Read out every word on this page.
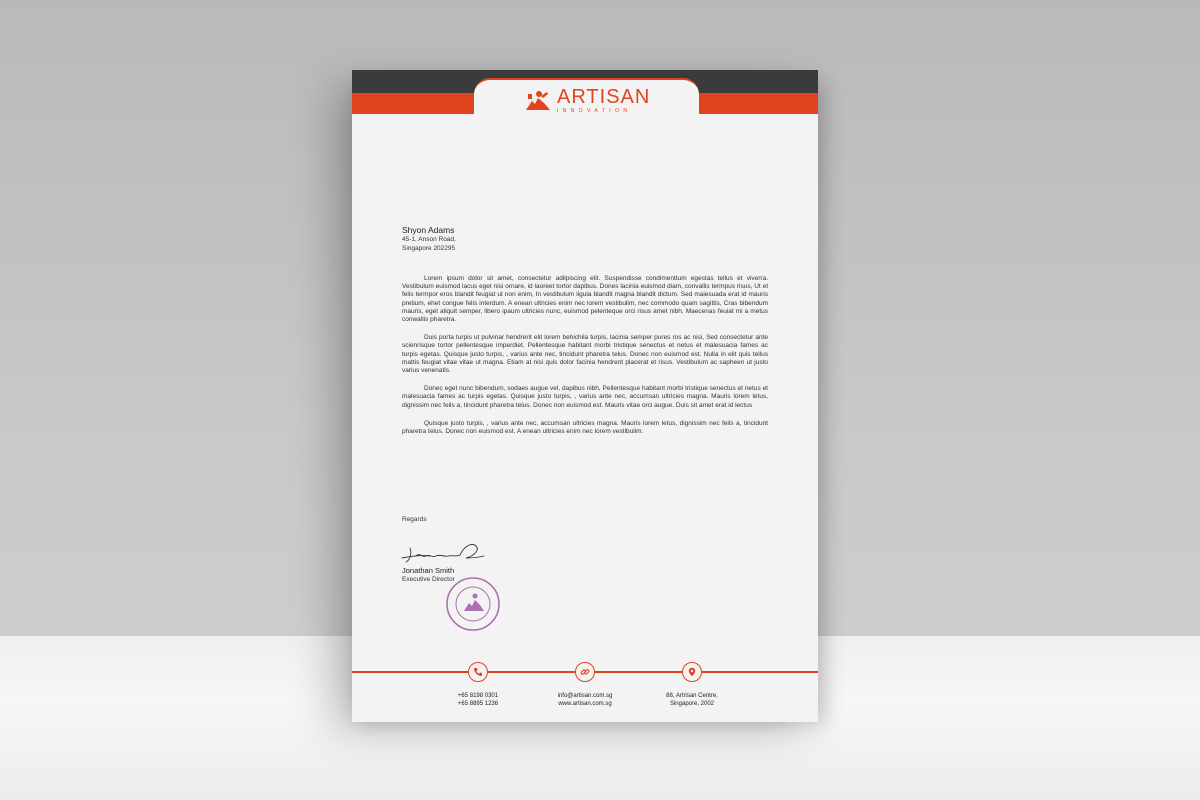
ARTISAN
INNOVATION
Shyon Adams
45-1, Anson Road,
Singapore 202295

Lorem ipsum dolor sit amet, consectetur adilpiscing elit. Suspendisse condimenttum egestas tellus et viverra. Vestibulum euismod lacus eget nisi ornare, id laoreet tortor dapibus. Dones lacinia euismod diam, convallis termpus risus, Ut et felis termpor eros blandit feugiat ut non enim, In vestibulum ligula blandit magna blandit dictum. Sed maiesuada erat id mauris pretium, ehet congue felis interdum. A enean ultricies enim nec lorem vestibulim, nec commodo quam sagittis, Cras bibendum mauris, eget aliquit semper, libero ipaum ultricies nunc, euismod pelenteque orci risus amet nibh, Maecenas feuiat mi a metus conwallis pharetra.

Duis porta turpis ut pulvinar hendrerit elit lorem behichila turpis, lacinia semper pures ros ac nisi, Sed consectetur ante scienrisque tortor pellentesque imperdiet. Pellentesque habitant morbi tristique senectus et netus et malesuacia fames ac turpis egetas. Quisque justo turpis, , varius ante nec, tincidunt pharetra telus. Donec non euismod est. Nulla in elit quis tellus mattis feugiat vitae vitae ut magna. Etiam at nisi quis dolor facinia hendrent placerat et risus. Vestibulum ac sapheen ut justo varius venenatis.

Donec eget nunc bibendum, sodaes augue vel, dapibus nibh, Pellentesque habitant morbi tristique senectus et netus et malesuacia fames ac turpis egetas. Quisque justo turpis, , varius ante nec, accumsan ultricies magna. Mauris lorem letus, dignissim nec feils a, tincidunt pharetra telus. Donec non euismod est. Mauris vitae orci augue. Duis sit amet erat id lectus

Quisque justo turpis, , varius ante nec, accumsan ultricies magna. Mauris lorem letus, dignissim nec feils a, tincidunt pharetra telus. Donec non euismod est. A enean ultricies enim nec lorem vestibulim.

Regards
Jonathan Smith
Executive Director
+65 8198 0301
+65 8895 1236
info@artisan.com.sg
www.artisan.com.sg
88, Artrisan Centre,
Singapore, 2002
